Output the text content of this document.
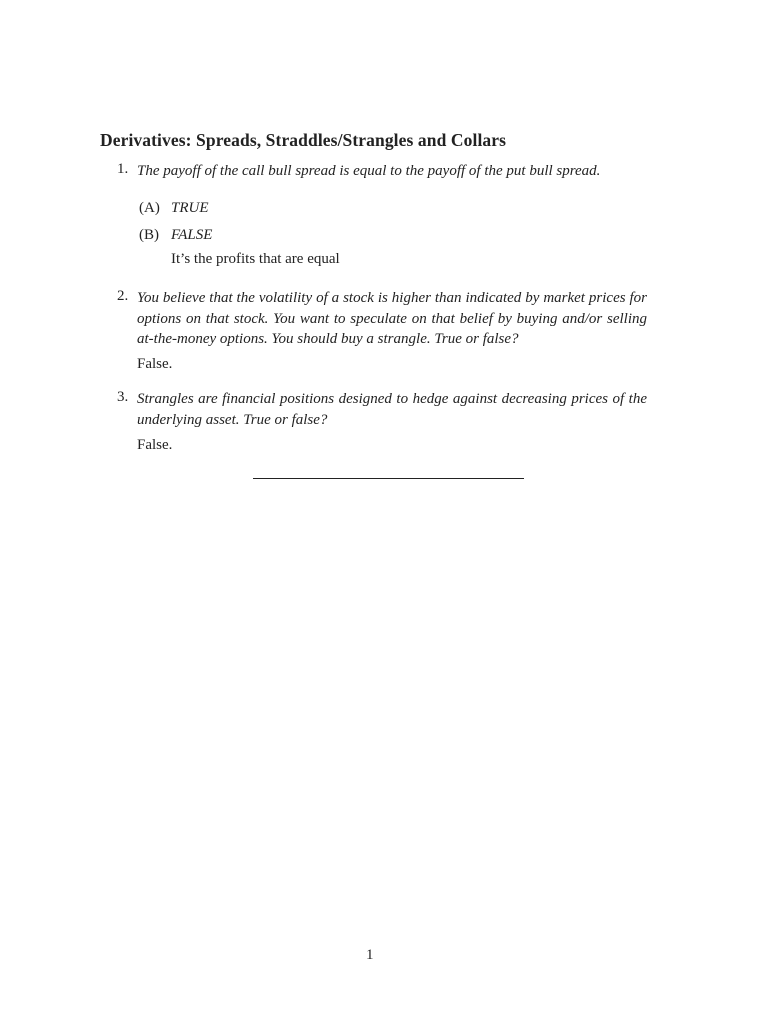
Derivatives: Spreads, Straddles/Strangles and Collars
1. The payoff of the call bull spread is equal to the payoff of the put bull spread.
(A) TRUE
(B) FALSE
It’s the profits that are equal
2. You believe that the volatility of a stock is higher than indicated by market prices for options on that stock. You want to speculate on that belief by buying and/or selling at-the-money options. You should buy a strangle. True or false?
False.
3. Strangles are financial positions designed to hedge against decreasing prices of the underlying asset. True or false?
False.
1
